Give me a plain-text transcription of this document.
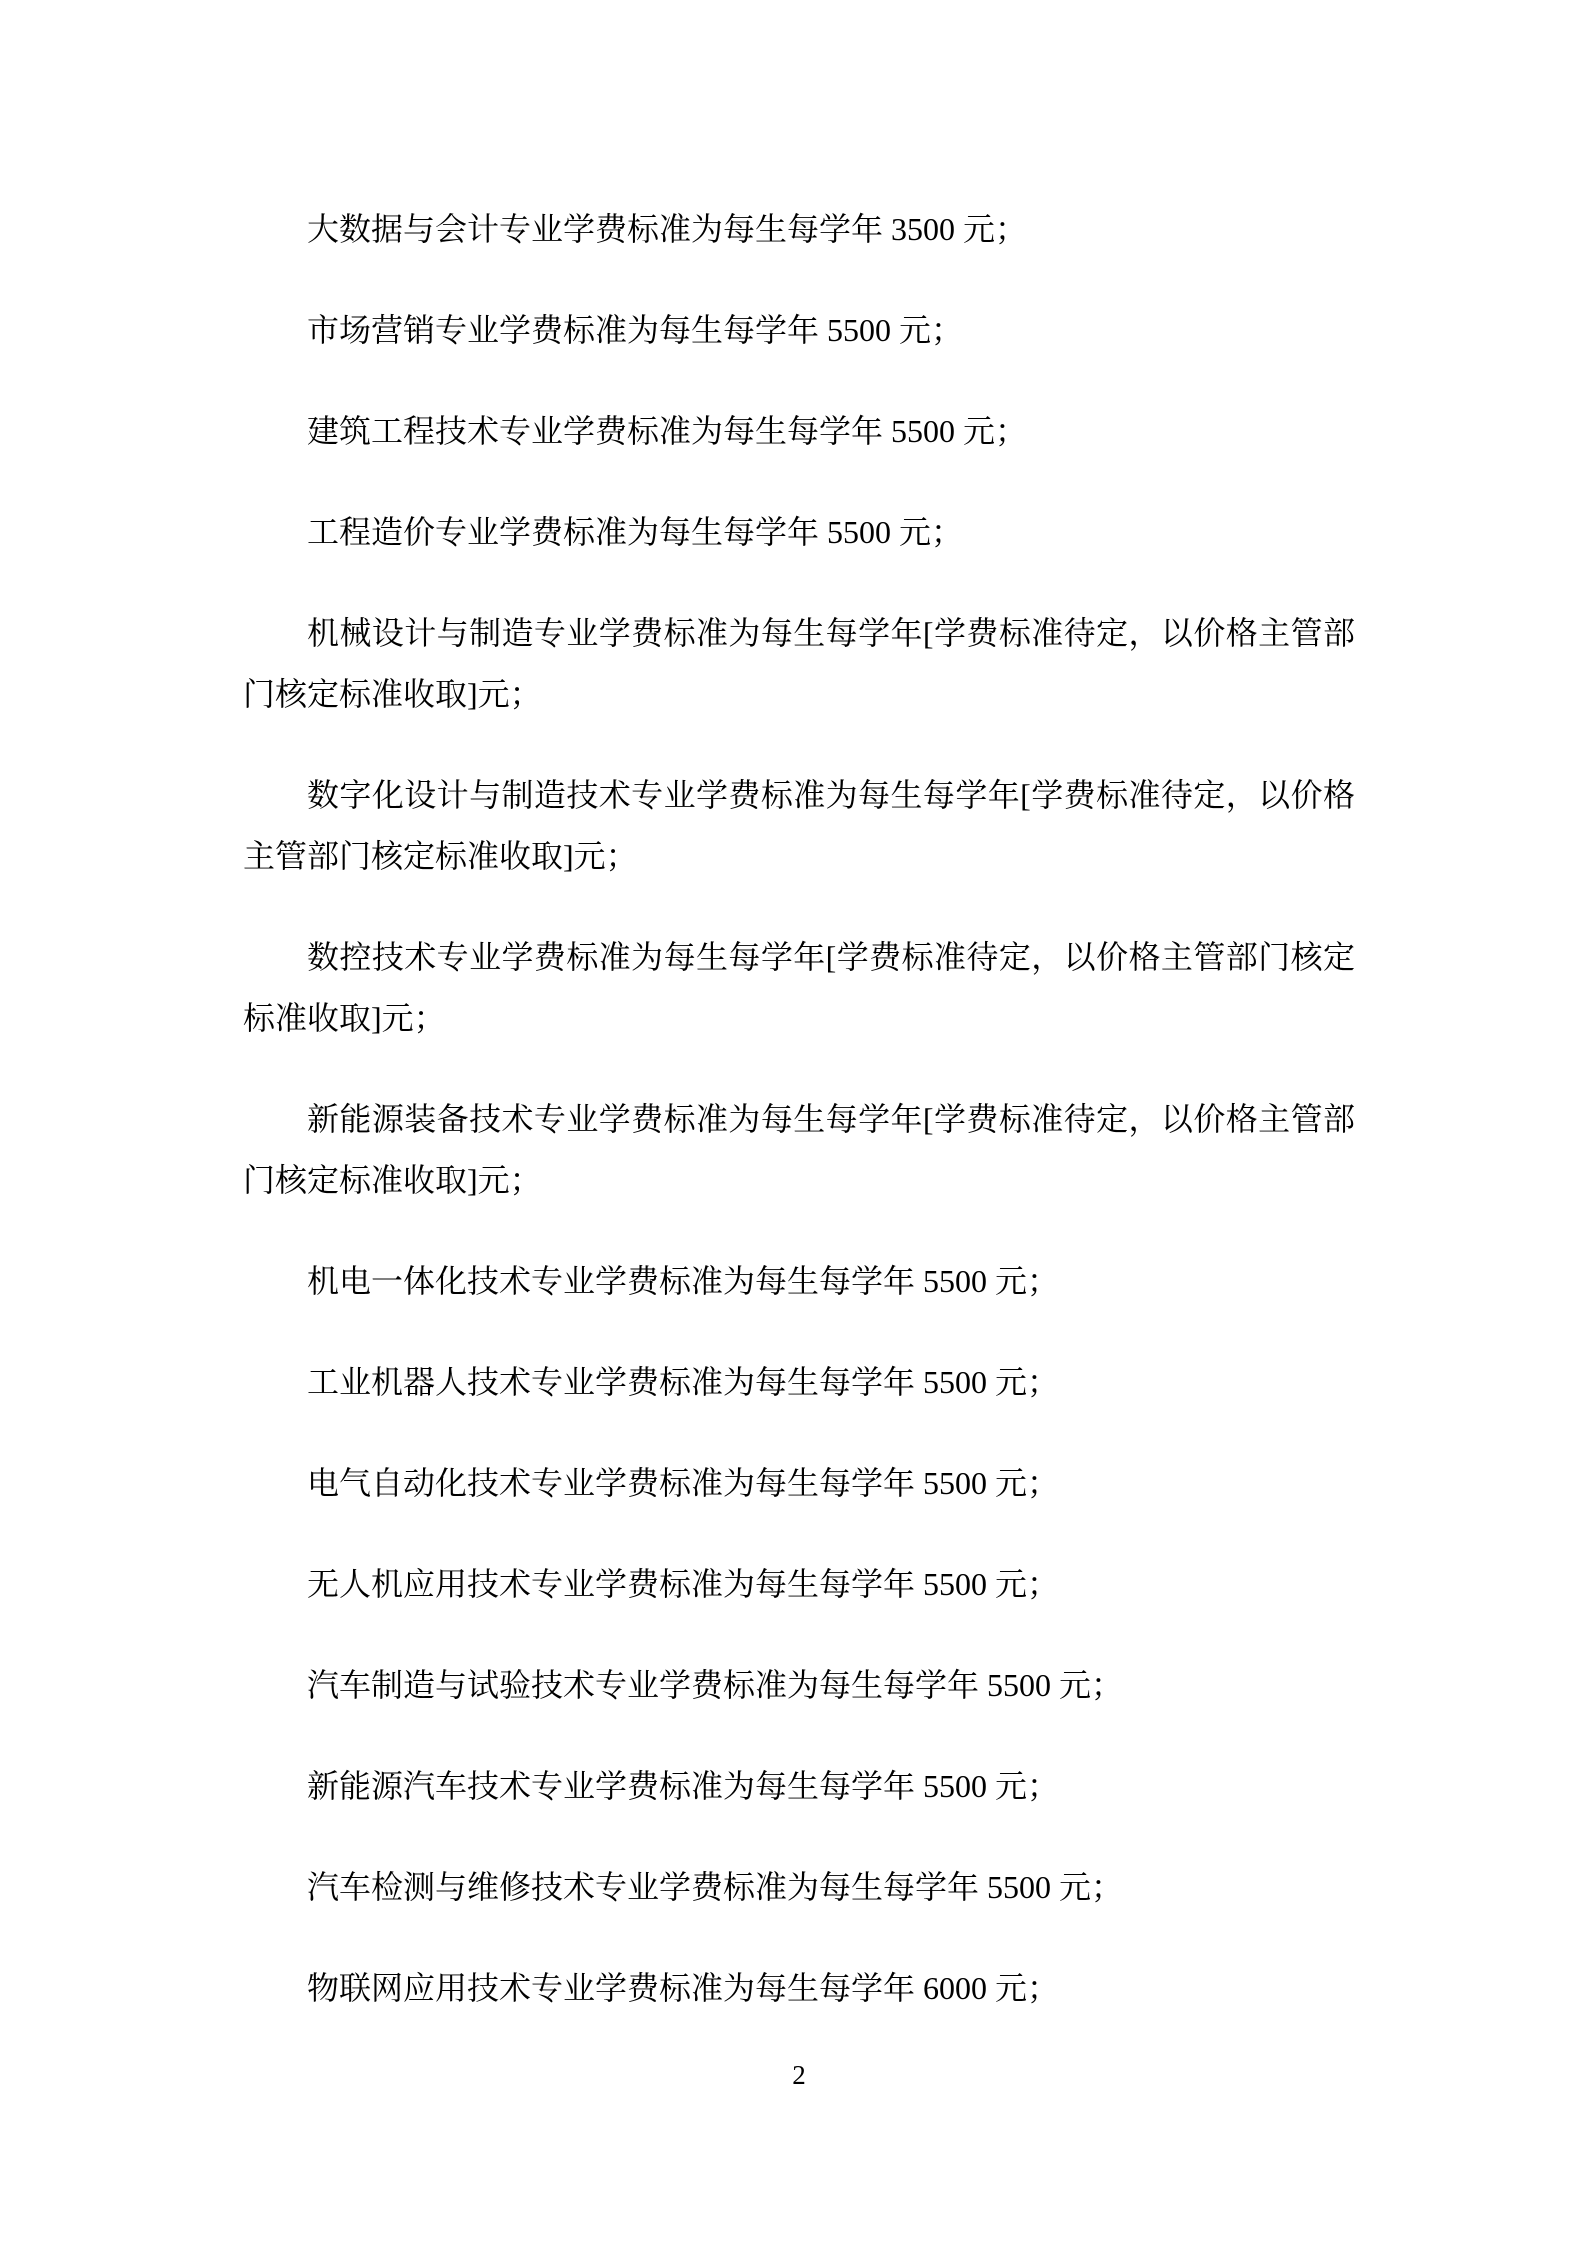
大数据与会计专业学费标准为每生每学年 3500 元；

市场营销专业学费标准为每生每学年 5500 元；

建筑工程技术专业学费标准为每生每学年 5500 元；

工程造价专业学费标准为每生每学年 5500 元；

机械设计与制造专业学费标准为每生每学年[学费标准待定，以价格主管部门核定标准收取]元；

数字化设计与制造技术专业学费标准为每生每学年[学费标准待定，以价格主管部门核定标准收取]元；

数控技术专业学费标准为每生每学年[学费标准待定，以价格主管部门核定标准收取]元；

新能源装备技术专业学费标准为每生每学年[学费标准待定，以价格主管部门核定标准收取]元；

机电一体化技术专业学费标准为每生每学年 5500 元；

工业机器人技术专业学费标准为每生每学年 5500 元；

电气自动化技术专业学费标准为每生每学年 5500 元；

无人机应用技术专业学费标准为每生每学年 5500 元；

汽车制造与试验技术专业学费标准为每生每学年 5500 元；

新能源汽车技术专业学费标准为每生每学年 5500 元；

汽车检测与维修技术专业学费标准为每生每学年 5500 元；

物联网应用技术专业学费标准为每生每学年 6000 元；

2
